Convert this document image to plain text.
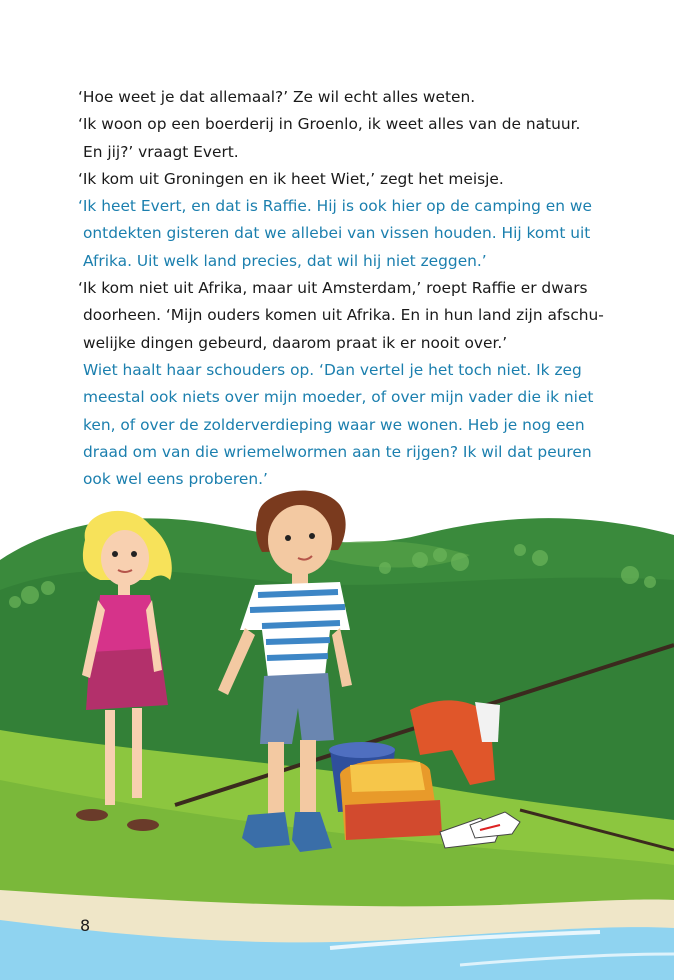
‘Hoe weet je dat allemaal?’ Ze wil echt alles weten.
‘Ik woon op een boerderij in Groenlo, ik weet alles van de natuur.
En jij?’ vraagt Evert.
‘Ik kom uit Groningen en ik heet Wiet,’ zegt het meisje.
‘Ik heet Evert, en dat is Raffie. Hij is ook hier op de camping en we
ontdekten gisteren dat we allebei van vissen houden. Hij komt uit
Afrika. Uit welk land precies, dat wil hij niet zeggen.’
‘Ik kom niet uit Afrika, maar uit Amsterdam,’ roept Raffie er dwars
doorheen. ‘Mijn ouders komen uit Afrika. En in hun land zijn afschu-
welijke dingen gebeurd, daarom praat ik er nooit over.’
Wiet haalt haar schouders op. ‘Dan vertel je het toch niet. Ik zeg
meestal ook niets over mijn moeder, of over mijn vader die ik niet
ken, of over de zolderverdieping waar we wonen. Heb je nog een
draad om van die wriemelwormen aan te rijgen? Ik wil dat peuren
ook wel eens proberen.’
8
